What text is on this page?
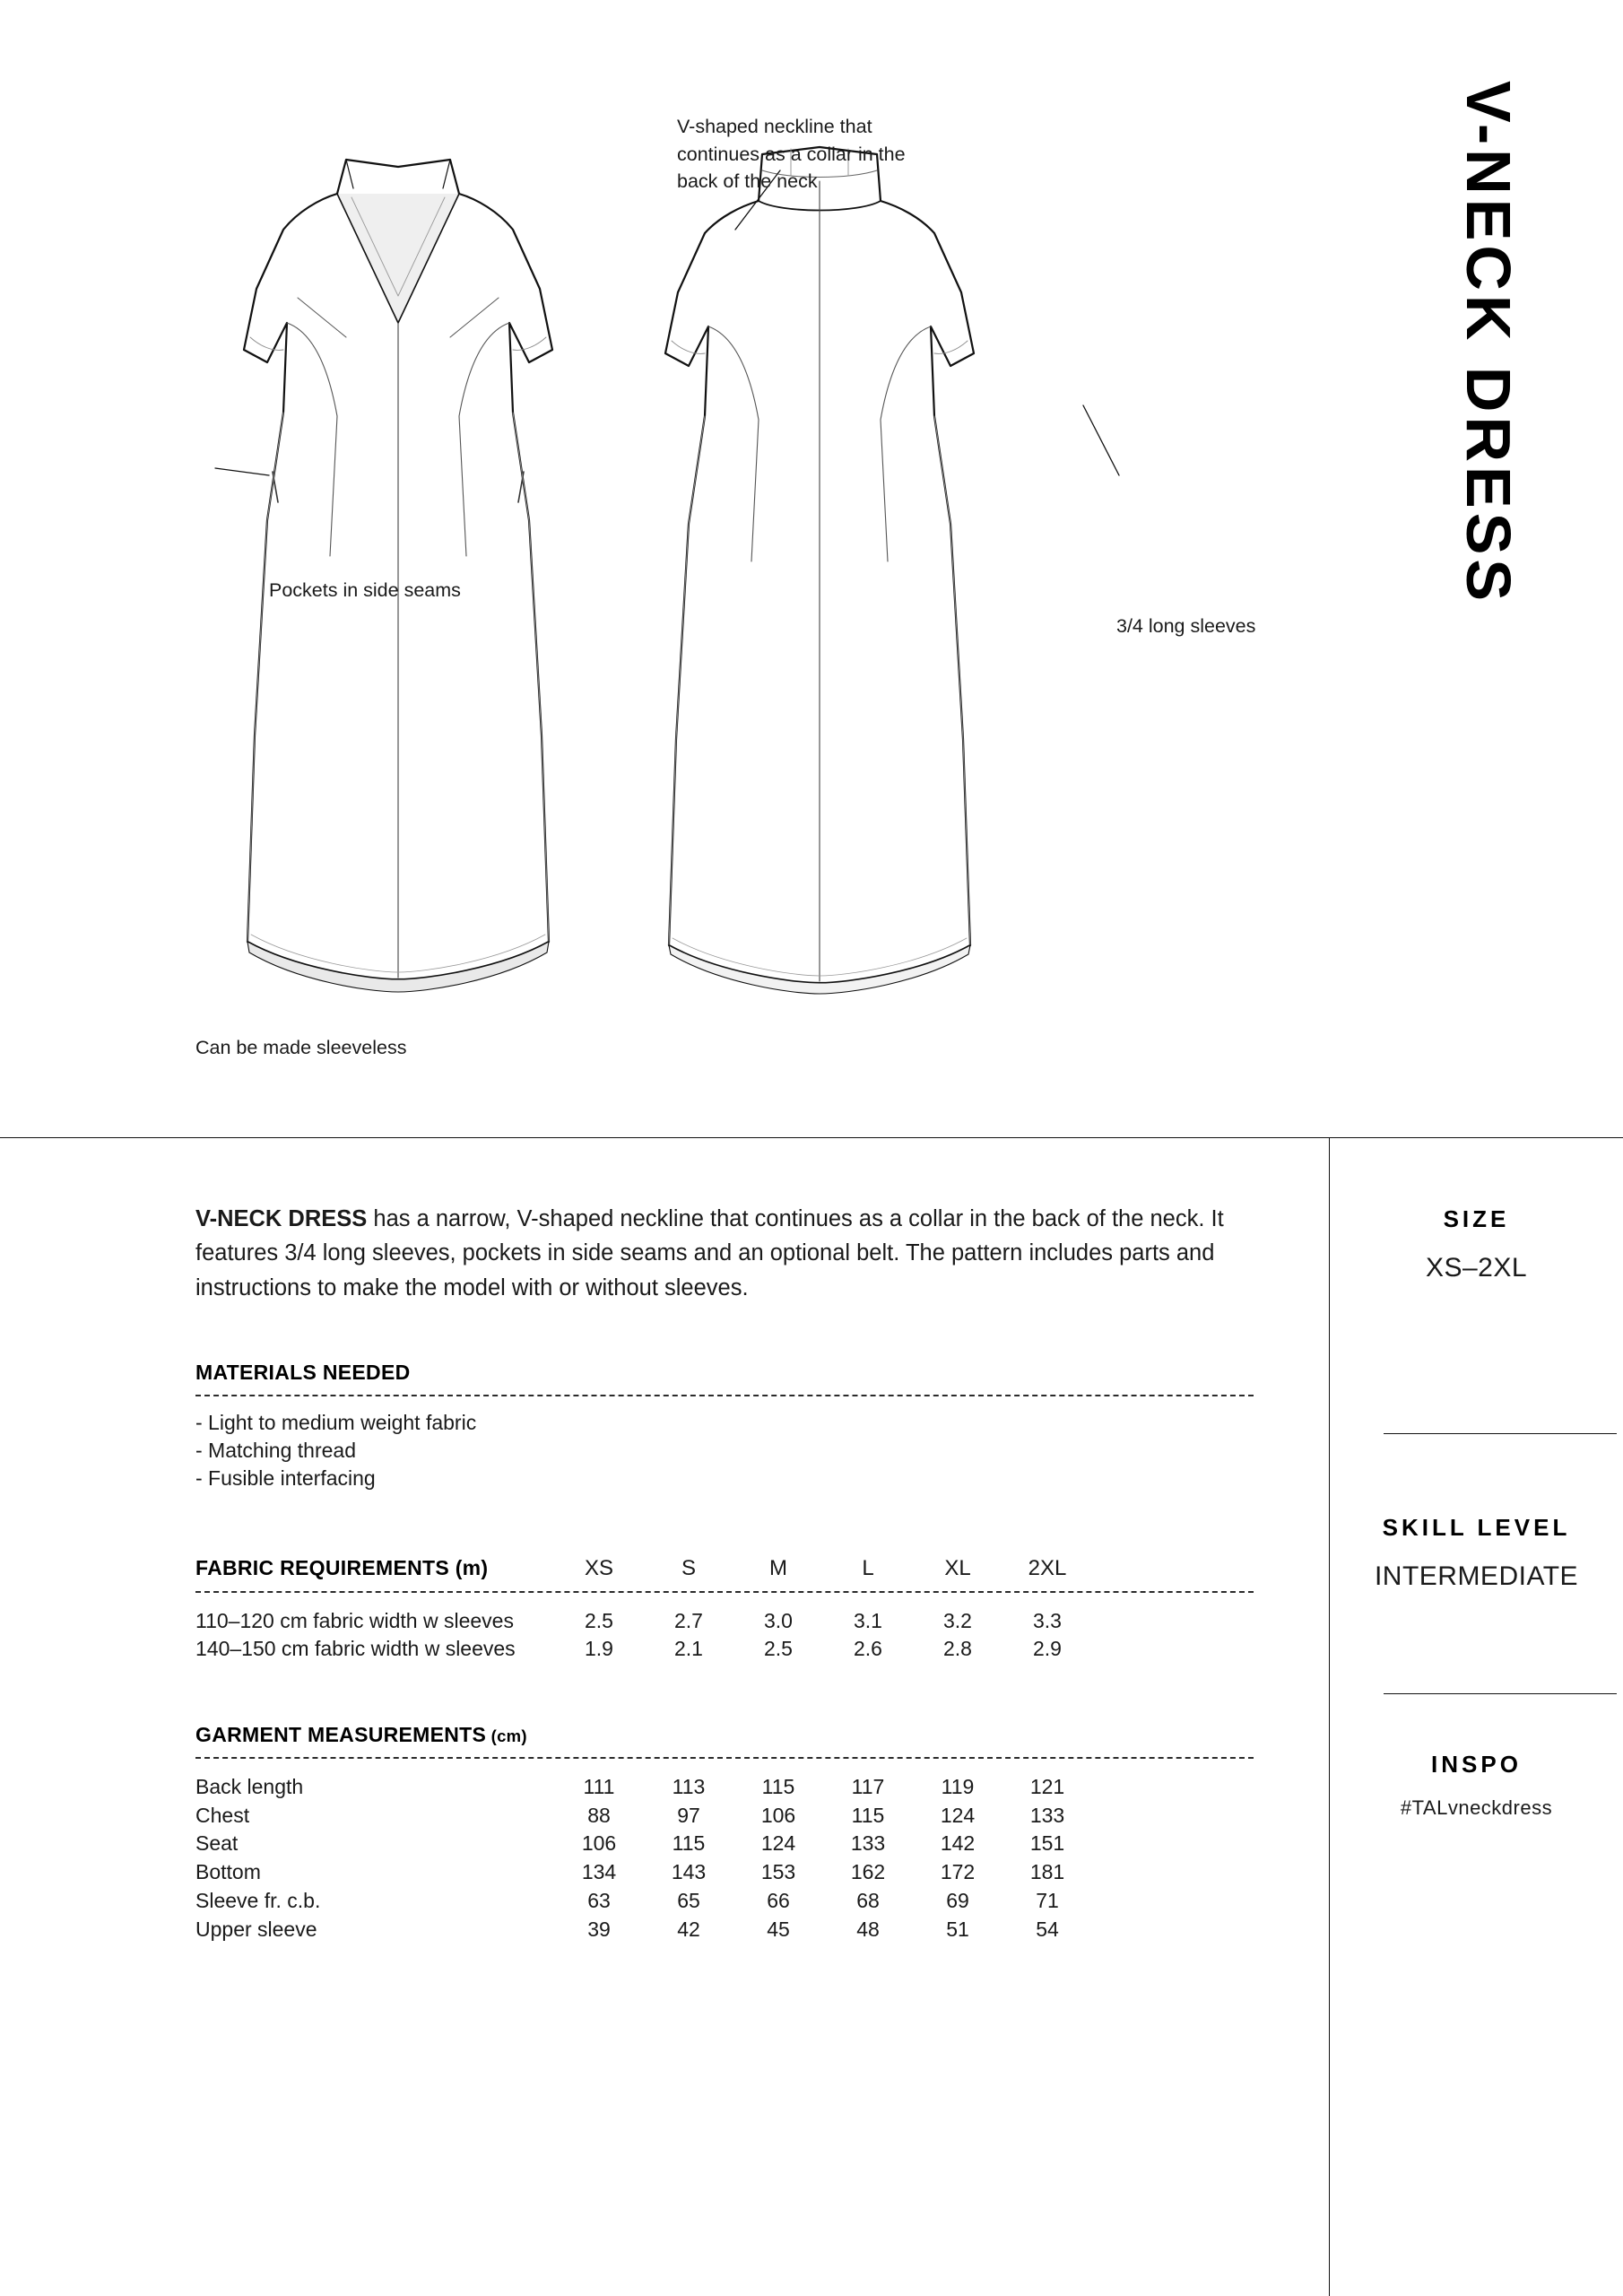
V-NECK DRESS
V-shaped neckline that continues as a collar in the back of the neck
Pockets in side seams
3/4 long sleeves
Can be made sleeveless

V-NECK DRESS has a narrow, V-shaped neckline that continues as a collar in the back of the neck. It features 3/4 long sleeves, pockets in side seams and an optional belt. The pattern includes parts and instructions to make the model with or without sleeves.

MATERIALS NEEDED
- Light to medium weight fabric
- Matching thread
- Fusible interfacing
FABRIC REQUIREMENTS (m)	XS	S	M	L	XL	2XL
110–120 cm fabric width w sleeves	2.5	2.7	3.0	3.1	3.2	3.3
140–150 cm fabric width w sleeves	1.9	2.1	2.5	2.6	2.8	2.9
GARMENT MEASUREMENTS (cm)
Back length	111	113	115	117	119	121
Chest	88	97	106	115	124	133
Seat	106	115	124	133	142	151
Bottom	134	143	153	162	172	181
Sleeve fr. c.b.	63	65	66	68	69	71
Upper sleeve	39	42	45	48	51	54
SIZE
XS–2XL
SKILL LEVEL
INTERMEDIATE
INSPO
#TALvneckdress
